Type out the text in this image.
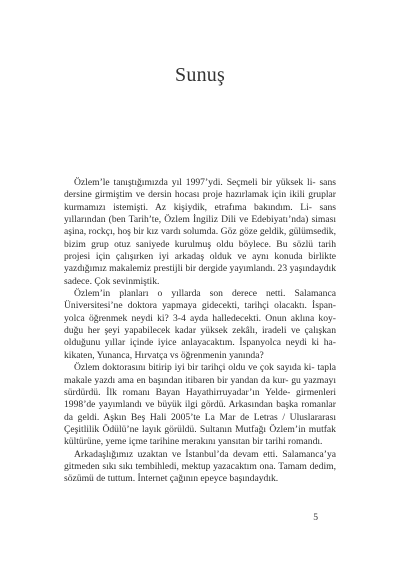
Sunuş

Özlem’le tanıştığımızda yıl 1997’ydi. Seçmeli bir yüksek li- sans dersine girmiştim ve dersin hocası proje hazırlamak için ikili gruplar kurmamızı istemişti. Az kişiydik, etrafıma bakındım. Li- sans yıllarından (ben Tarih’te, Özlem İngiliz Dili ve Edebiyatı’nda) siması aşina, rockçı, hoş bir kız vardı solumda. Göz göze geldik, gülümsedik, bizim grup otuz saniyede kurulmuş oldu böylece. Bu sözlü tarih projesi için çalışırken iyi arkadaş olduk ve aynı konuda birlikte yazdığımız makalemiz prestijli bir dergide yayımlandı. 23 yaşındaydık sadece. Çok sevinmiştik.

Özlem’in planları o yıllarda son derece netti. Salamanca Üniversitesi’ne doktora yapmaya gidecekti, tarihçi olacaktı. İspan- yolca öğrenmek neydi ki? 3-4 ayda halledecekti. Onun aklına koy- duğu her şeyi yapabilecek kadar yüksek zekâlı, iradeli ve çalışkan olduğunu yıllar içinde iyice anlayacaktım. İspanyolca neydi ki ha- kikaten, Yunanca, Hırvatça vs öğrenmenin yanında?

Özlem doktorasını bitirip iyi bir tarihçi oldu ve çok sayıda ki- tapla makale yazdı ama en başından itibaren bir yandan da kur- gu yazmayı sürdürdü. İlk romanı Bayan Hayathirruyadar’ın Yelde- girmenleri 1998’de yayımlandı ve büyük ilgi gördü. Arkasından başka romanlar da geldi. Aşkın Beş Hali 2005’te La Mar de Letras / Uluslararası Çeşitlilik Ödülü’ne layık görüldü. Sultanın Mutfağı Özlem’in mutfak kültürüne, yeme içme tarihine merakını yansıtan bir tarihi romandı.

Arkadaşlığımız uzaktan ve İstanbul’da devam etti. Salamanca’ya gitmeden sıkı sıkı tembihledi, mektup yazacaktım ona. Tamam dedim, sözümü de tuttum. İnternet çağının epeyce başındaydık.

5
